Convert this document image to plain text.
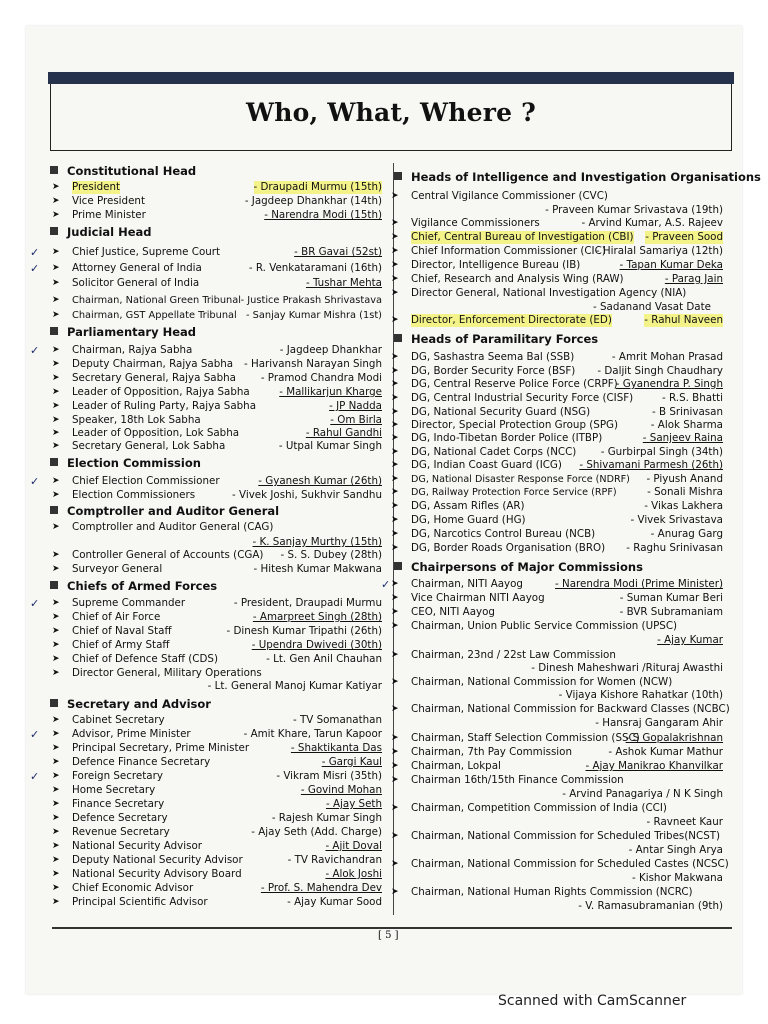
Who, What, Where ?
Constitutional Head
➤ President	- Draupadi Murmu (15th)
➤ Vice President	- Jagdeep Dhankhar (14th)
➤ Prime Minister	- Narendra Modi (15th)
Judicial Head
➤ Chief Justice, Supreme Court	- BR Gavai (52st)
➤ Attorney General of India	- R. Venkataramani (16th)
➤ Solicitor General of India	- Tushar Mehta
➤ Chairman, National Green Tribunal - Justice Prakash Shrivastava
➤ Chairman, GST Appellate Tribunal - Sanjay Kumar Mishra (1st)
Parliamentary Head
➤ Chairman, Rajya Sabha	- Jagdeep Dhankhar
➤ Deputy Chairman, Rajya Sabha - Harivansh Narayan Singh
➤ Secretary General, Rajya Sabha - Pramod Chandra Modi
➤ Leader of Opposition, Rajya Sabha	- Mallikarjun Kharge
➤ Leader of Ruling Party, Rajya Sabha	- JP Nadda
➤ Speaker, 18th Lok Sabha	- Om Birla
➤ Leader of Opposition, Lok Sabha	- Rahul Gandhi
➤ Secretary General, Lok Sabha	- Utpal Kumar Singh
Election Commission
➤ Chief Election Commissioner	- Gyanesh Kumar (26th)
➤ Election Commissioners	- Vivek Joshi, Sukhvir Sandhu
Comptroller and Auditor General
➤ Comptroller and Auditor General (CAG)
- K. Sanjay Murthy (15th)
➤ Controller General of Accounts (CGA) - S. S. Dubey (28th)
➤ Surveyor General	- Hitesh Kumar Makwana
Chiefs of Armed Forces
➤ Supreme Commander	- President, Draupadi Murmu
➤ Chief of Air Force	- Amarpreet Singh (28th)
➤ Chief of Naval Staff	- Dinesh Kumar Tripathi (26th)
➤ Chief of Army Staff	- Upendra Dwivedi (30th)
➤ Chief of Defence Staff (CDS)	- Lt. Gen Anil Chauhan
➤ Director General, Military Operations
- Lt. General Manoj Kumar Katiyar
Secretary and Advisor
➤ Cabinet Secretary	- TV Somanathan
➤ Advisor, Prime Minister	- Amit Khare, Tarun Kapoor
➤ Principal Secretary, Prime Minister	- Shaktikanta Das
➤ Defence Finance Secretary	- Gargi Kaul
➤ Foreign Secretary	- Vikram Misri (35th)
➤ Home Secretary	- Govind Mohan
➤ Finance Secretary	- Ajay Seth
➤ Defence Secretary	- Rajesh Kumar Singh
➤ Revenue Secretary	- Ajay Seth (Add. Charge)
➤ National Security Advisor	- Ajit Doval
➤ Deputy National Security Advisor	- TV Ravichandran
➤ National Security Advisory Board	- Alok Joshi
➤ Chief Economic Advisor	- Prof. S. Mahendra Dev
➤ Principal Scientific Advisor	- Ajay Kumar Sood
Heads of Intelligence and Investigation Organisations
➤ Central Vigilance Commissioner (CVC)
- Praveen Kumar Srivastava (19th)
➤ Vigilance Commissioners	- Arvind Kumar, A.S. Rajeev
➤ Chief, Central Bureau of Investigation (CBI) - Praveen Sood
➤ Chief Information Commissioner (CIC)
- Hiralal Samariya (12th)
➤ Director, Intelligence Bureau (IB)	- Tapan Kumar Deka
➤ Chief, Research and Analysis Wing (RAW)	- Parag Jain
➤ Director General, National Investigation Agency (NIA)
- Sadanand Vasat Date
➤ Director, Enforcement Directorate (ED)	- Rahul Naveen
Heads of Paramilitary Forces
➤ DG, Sashastra Seema Bal (SSB)	- Amrit Mohan Prasad
➤ DG, Border Security Force (BSF) - Daljit Singh Chaudhary
➤ DG, Central Reserve Police Force (CRPF)
- Gyanendra P. Singh
➤ DG, Central Industrial Security Force (CISF)	- R.S. Bhatti
➤ DG, National Security Guard (NSG)	- B Srinivasan
➤ Director, Special Protection Group (SPG)	- Alok Sharma
➤ DG, Indo-Tibetan Border Police (ITBP)	- Sanjeev Raina
➤ DG, National Cadet Corps (NCC) - Gurbirpal Singh (34th)
➤ DG, Indian Coast Guard (ICG) - Shivamani Parmesh (26th)
➤ DG, National Disaster Response Force (NDRF) - Piyush Anand
➤ DG, Railway Protection Force Service (RPF)	- Sonali Mishra
➤ DG, Assam Rifles (AR)	- Vikas Lakhera
➤ DG, Home Guard (HG)	- Vivek Srivastava
➤ DG, Narcotics Control Bureau (NCB)	- Anurag Garg
➤ DG, Border Roads Organisation (BRO) - Raghu Srinivasan
Chairpersons of Major Commissions
➤ Chairman, NITI Aayog	- Narendra Modi (Prime Minister)
➤ Vice Chairman NITI Aayog	- Suman Kumar Beri
➤ CEO, NITI Aayog	- BVR Subramaniam
➤ Chairman, Union Public Service Commission (UPSC)
- Ajay Kumar
➤ Chairman, 23nd / 22st Law Commission
- Dinesh Maheshwari /Rituraj Awasthi
➤ Chairman, National Commission for Women (NCW)
- Vijaya Kishore Rahatkar (10th)
➤ Chairman, National Commission for Backward Classes (NCBC)
- Hansraj Gangaram Ahir
➤ Chairman, Staff Selection Commission (SSC)
- S Gopalakrishnan
➤ Chairman, 7th Pay Commission	- Ashok Kumar Mathur
➤ Chairman, Lokpal	- Ajay Manikrao Khanvilkar
➤ Chairman 16th/15th Finance Commission
- Arvind Panagariya / N K Singh
➤ Chairman, Competition Commission of India (CCI)
- Ravneet Kaur
➤ Chairman, National Commission for Scheduled Tribes(NCST)
- Antar Singh Arya
➤ Chairman, National Commission for Scheduled Castes (NCSC)
- Kishor Makwana
➤ Chairman, National Human Rights Commission (NCRC)
- V. Ramasubramanian (9th)
✓
✓
✓
✓
✓
✓
✓
✓
[ 5 ]
Scanned with CamScanner
